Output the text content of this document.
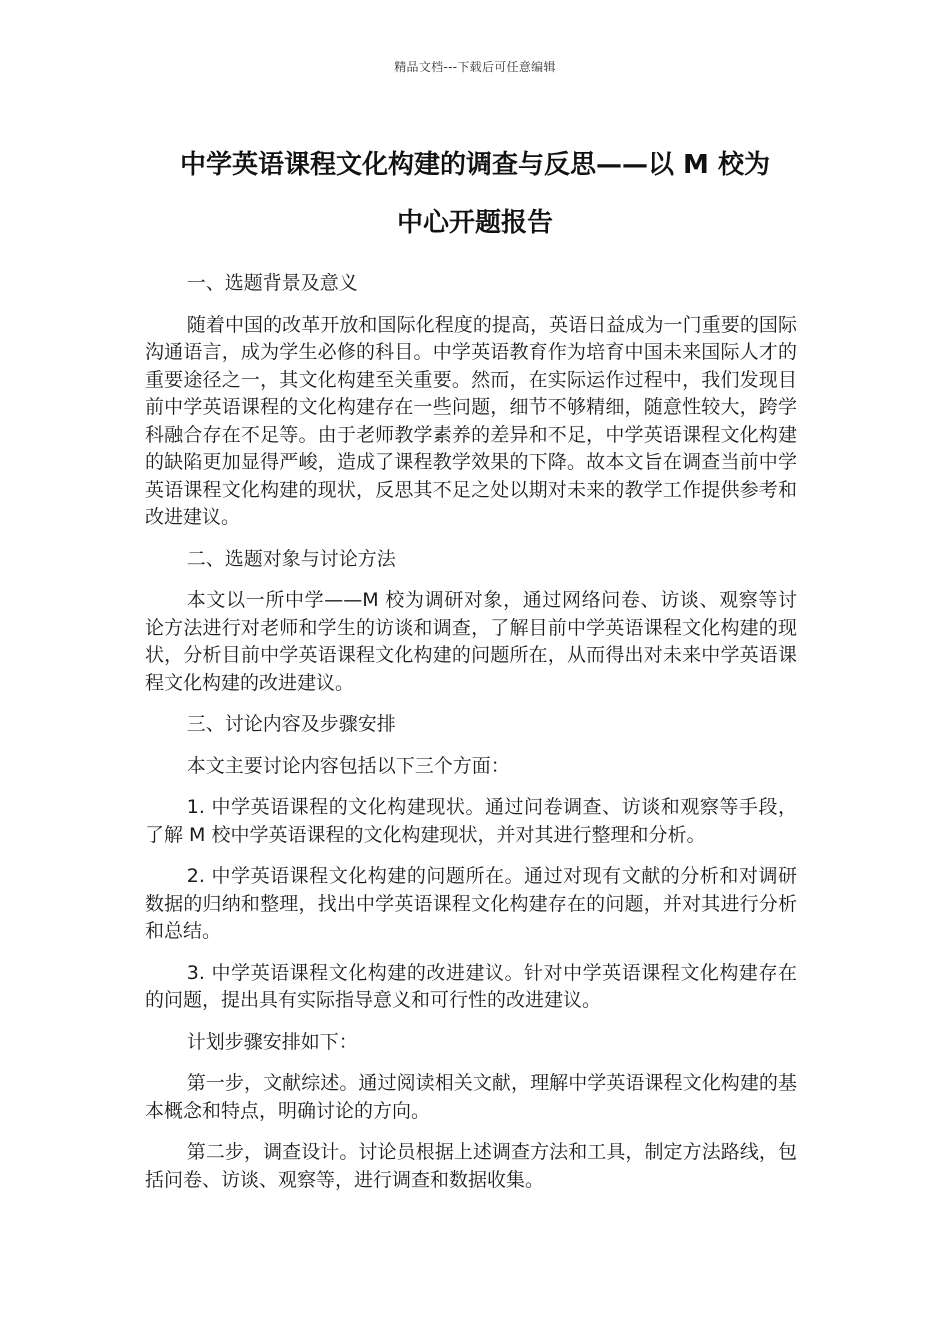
精品文档---下载后可任意编辑
中学英语课程文化构建的调查与反思——以 M 校为
中心开题报告

一、选题背景及意义

随着中国的改革开放和国际化程度的提高，英语日益成为一门重要的国际沟通语言，成为学生必修的科目。中学英语教育作为培育中国未来国际人才的重要途径之一，其文化构建至关重要。然而，在实际运作过程中，我们发现目前中学英语课程的文化构建存在一些问题，细节不够精细，随意性较大，跨学科融合存在不足等。由于老师教学素养的差异和不足，中学英语课程文化构建的缺陷更加显得严峻，造成了课程教学效果的下降。故本文旨在调查当前中学英语课程文化构建的现状，反思其不足之处以期对未来的教学工作提供参考和改进建议。

二、选题对象与讨论方法

本文以一所中学——M 校为调研对象，通过网络问卷、访谈、观察等讨论方法进行对老师和学生的访谈和调查，了解目前中学英语课程文化构建的现状，分析目前中学英语课程文化构建的问题所在，从而得出对未来中学英语课程文化构建的改进建议。

三、讨论内容及步骤安排

本文主要讨论内容包括以下三个方面：

1. 中学英语课程的文化构建现状。通过问卷调查、访谈和观察等手段，了解 M 校中学英语课程的文化构建现状，并对其进行整理和分析。

2. 中学英语课程文化构建的问题所在。通过对现有文献的分析和对调研数据的归纳和整理，找出中学英语课程文化构建存在的问题，并对其进行分析和总结。

3. 中学英语课程文化构建的改进建议。针对中学英语课程文化构建存在的问题，提出具有实际指导意义和可行性的改进建议。

计划步骤安排如下：

第一步，文献综述。通过阅读相关文献，理解中学英语课程文化构建的基本概念和特点，明确讨论的方向。

第二步，调查设计。讨论员根据上述调查方法和工具，制定方法路线，包括问卷、访谈、观察等，进行调查和数据收集。
